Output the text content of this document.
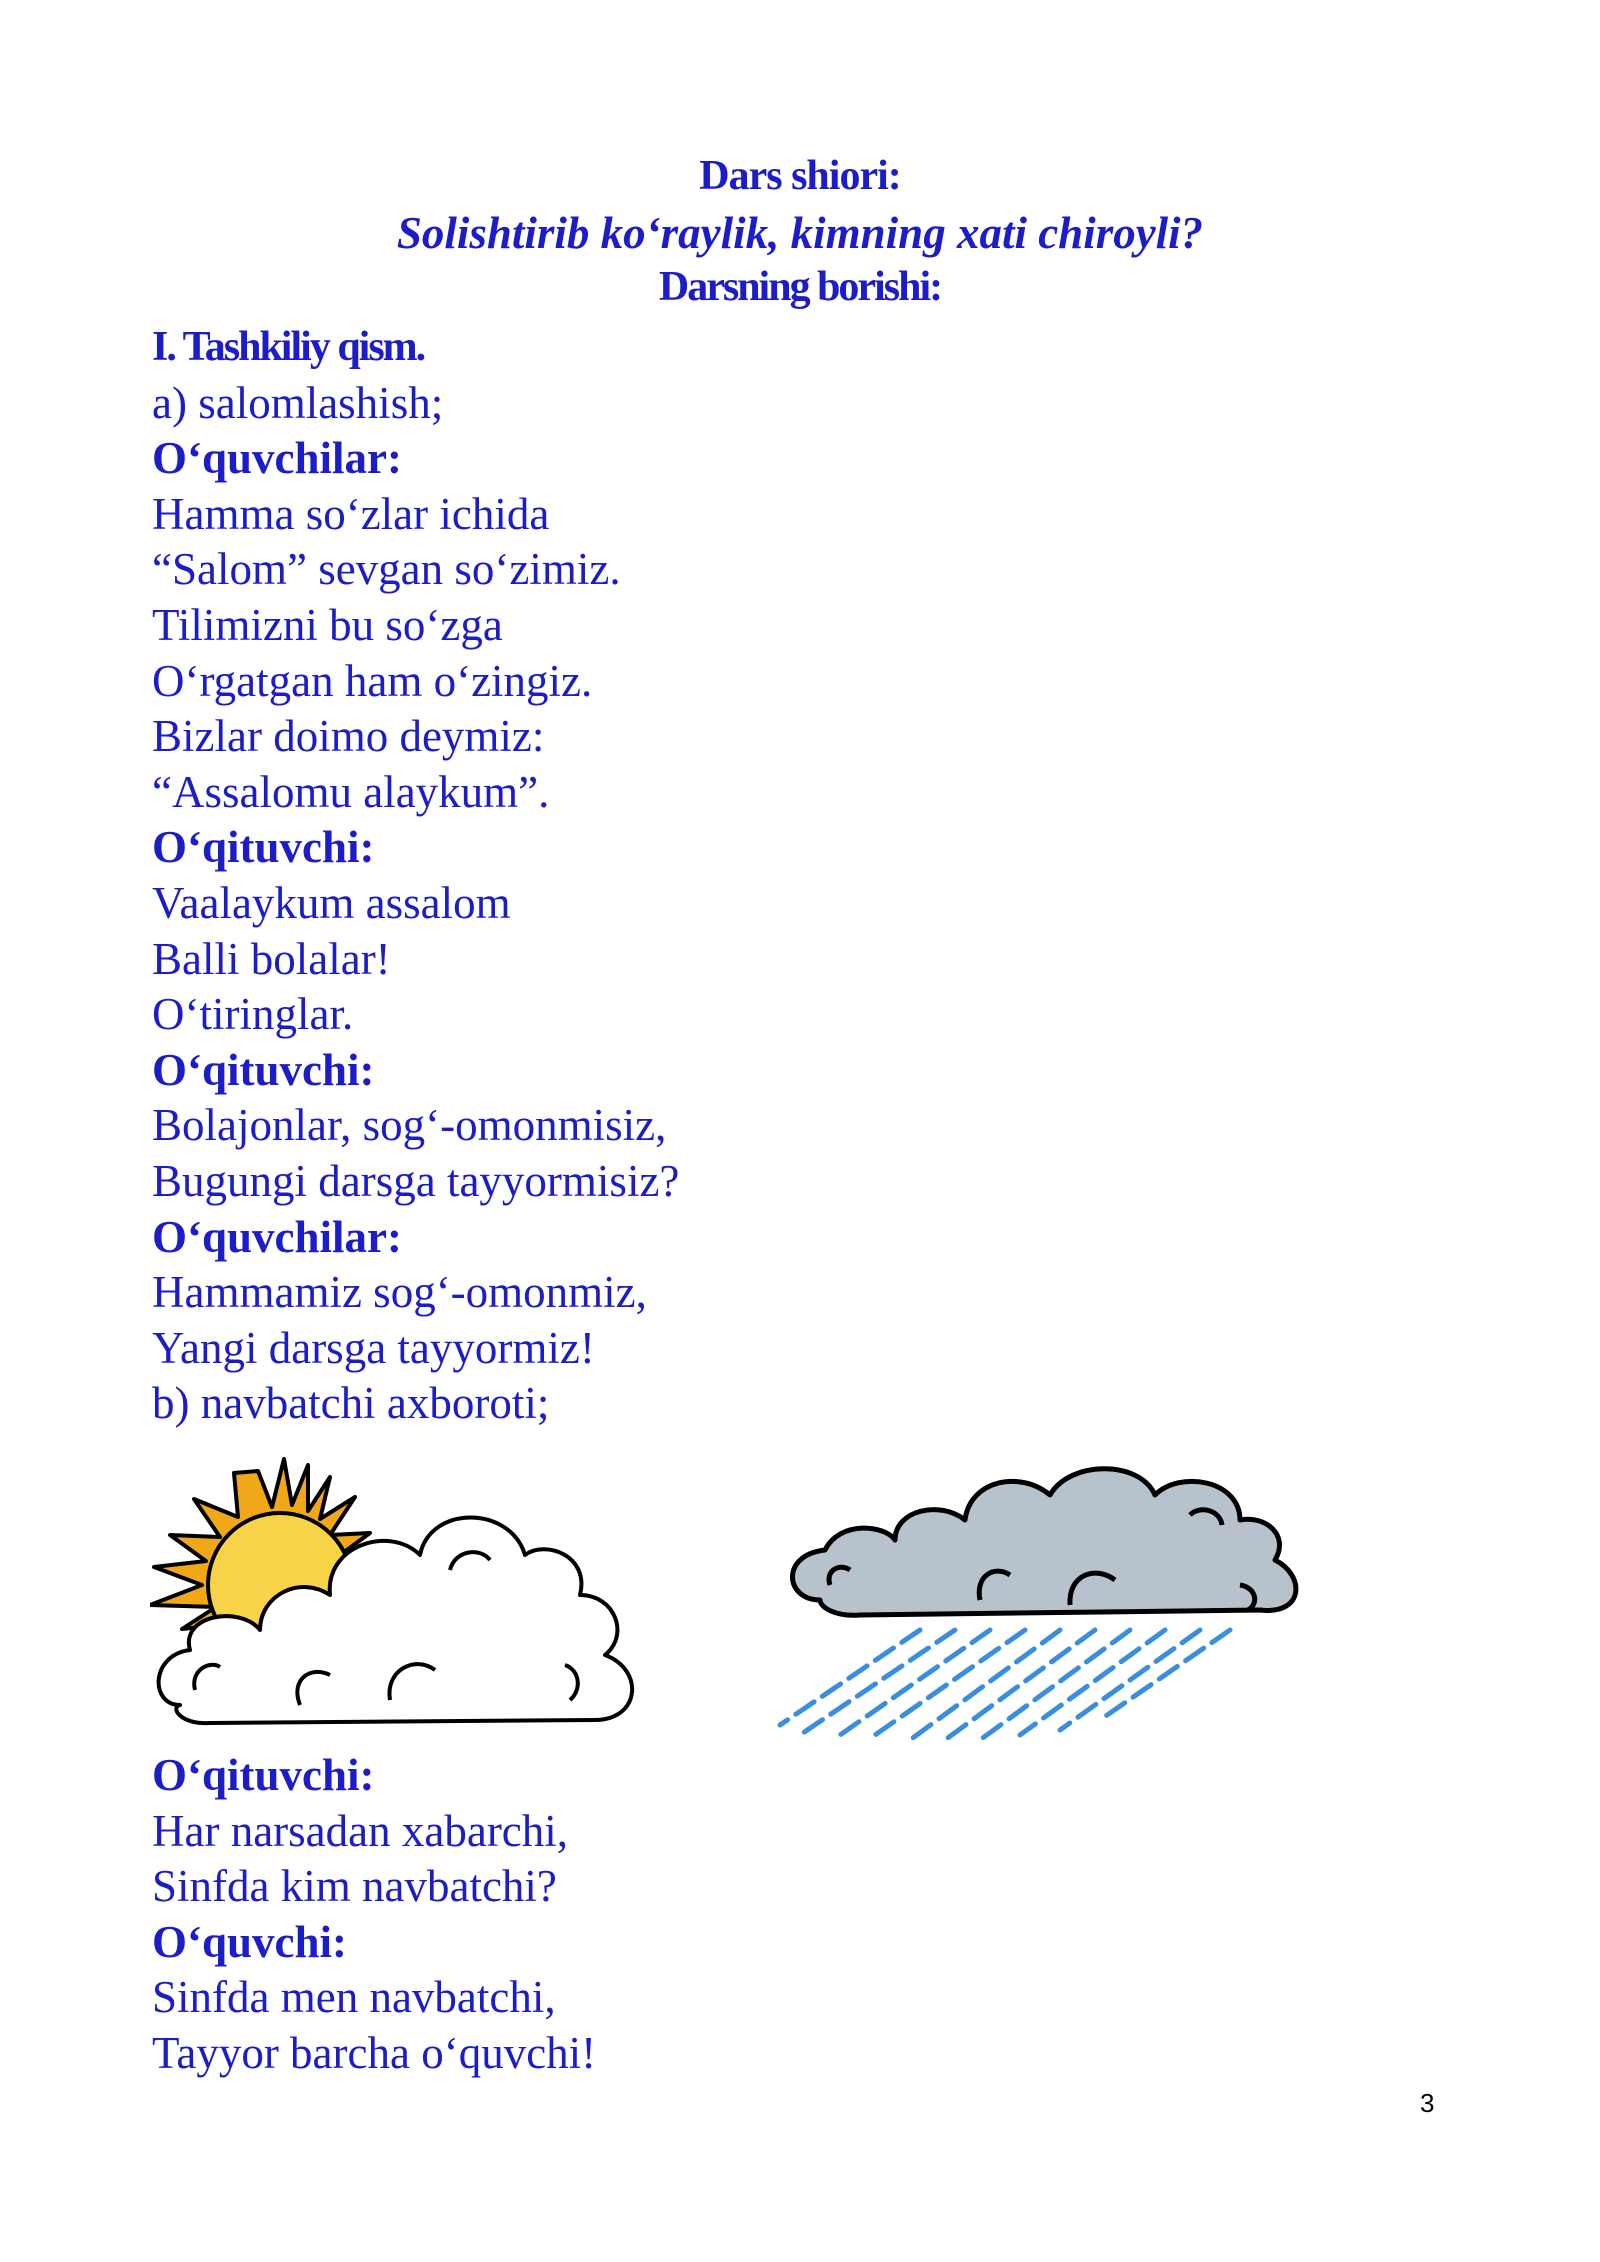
Dars shiori:
Solishtirib ko‘raylik, kimning xati chiroyli?
Darsning borishi:
I. Tashkiliy qism.
a) salomlashish;
O‘quvchilar:
Hamma so‘zlar ichida
“Salom” sevgan so‘zimiz.
Tilimizni bu so‘zga
O‘rgatgan ham o‘zingiz.
Bizlar doimo deymiz:
“Assalomu alaykum”.
O‘qituvchi:
Vaalaykum assalom
Balli bolalar!
O‘tiringlar.
O‘qituvchi:
Bolajonlar, sog‘-omonmisiz,
Bugungi darsga tayyormisiz?
O‘quvchilar:
Hammamiz sog‘-omonmiz,
Yangi darsga tayyormiz!
b) navbatchi axboroti;
O‘qituvchi:
Har narsadan xabarchi,
Sinfda kim navbatchi?
O‘quvchi:
Sinfda men navbatchi,
Tayyor barcha o‘quvchi!
3
